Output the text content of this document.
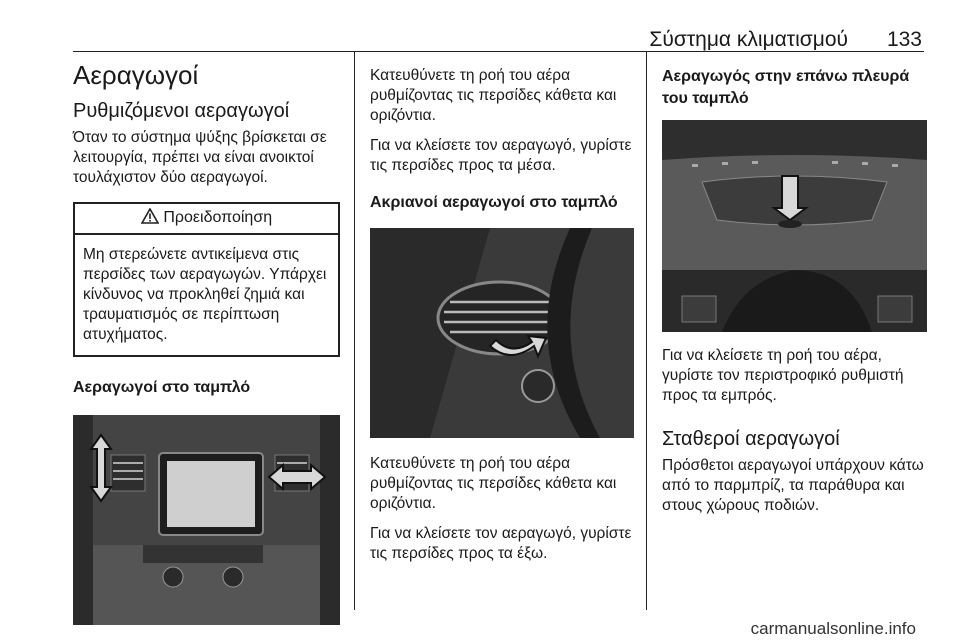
Σύστημα κλιματισμού 133
Αεραγωγοί
Ρυθμιζόμενοι αεραγωγοί

Όταν το σύστημα ψύξης βρίσκεται σε λειτουργία, πρέπει να είναι ανοικτοί τουλάχιστον δύο αεραγωγοί.

Προειδοποίηση

Μη στερεώνετε αντικείμενα στις περσίδες των αεραγωγών. Υπάρχει κίνδυνος να προκληθεί ζημιά και τραυματισμός σε περίπτωση ατυχήματος.

Αεραγωγοί στο ταμπλό

Κατευθύνετε τη ροή του αέρα ρυθμίζοντας τις περσίδες κάθετα και οριζόντια.

Για να κλείσετε τον αεραγωγό, γυρίστε τις περσίδες προς τα μέσα.

Ακριανοί αεραγωγοί στο ταμπλό

Κατευθύνετε τη ροή του αέρα ρυθμίζοντας τις περσίδες κάθετα και οριζόντια.

Για να κλείσετε τον αεραγωγό, γυρίστε τις περσίδες προς τα έξω.

Αεραγωγός στην επάνω πλευρά του ταμπλό

Για να κλείσετε τη ροή του αέρα, γυρίστε τον περιστροφικό ρυθμιστή προς τα εμπρός.

Σταθεροί αεραγωγοί

Πρόσθετοι αεραγωγοί υπάρχουν κάτω από το παρμπρίζ, τα παράθυρα και στους χώρους ποδιών.

carmanualsonline.info
